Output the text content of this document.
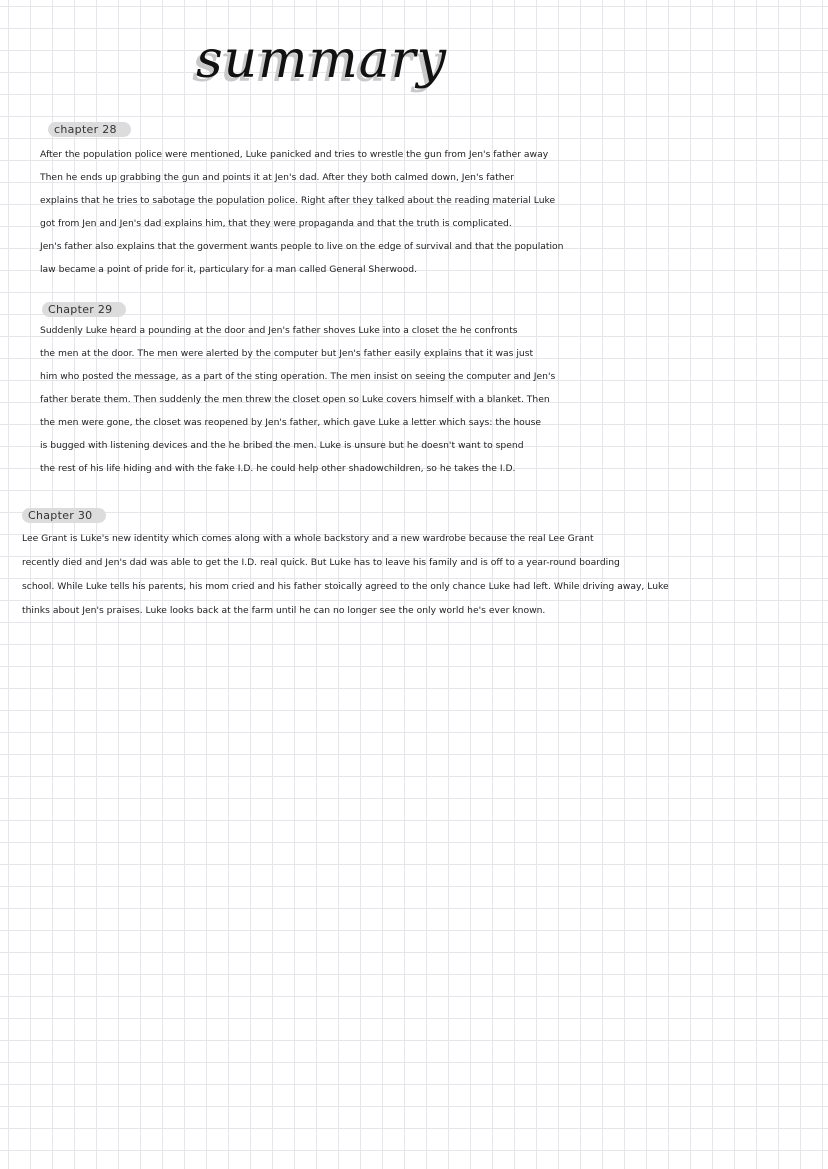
summary
chapter 28
After the population police were mentioned, Luke panicked and tries to wrestle the gun from Jen's father away
Then he ends up grabbing the gun and points it at Jen's dad. After they both calmed down, Jen's father
explains that he tries to sabotage the population police. Right after they talked about the reading material Luke
got from Jen and Jen's dad explains him, that they were propaganda and that the truth is complicated.
Jen's father also explains that the goverment wants people to live on the edge of survival and that the population
law became a point of pride for it, particulary for a man called General Sherwood.
Chapter 29
Suddenly Luke heard a pounding at the door and Jen's father shoves Luke into a closet the he confronts
the men at the door. The men were alerted by the computer but Jen's father easily explains that it was just
him who posted the message, as a part of the sting operation. The men insist on seeing the computer and Jen's
father berate them. Then suddenly the men threw the closet open so Luke covers himself with a blanket. Then
the men were gone, the closet was reopened by Jen's father, which gave Luke a letter which says: the house
is bugged with listening devices and the he bribed the men. Luke is unsure but he doesn't want to spend
the rest of his life hiding and with the fake I.D. he could help other shadowchildren, so he takes the I.D.
Chapter 30
Lee Grant is Luke's new identity which comes along with a whole backstory and a new wardrobe because the real Lee Grant
recently died and Jen's dad was able to get the I.D. real quick. But Luke has to leave his family and is off to a year-round boarding
school. While Luke tells his parents, his mom cried and his father stoically agreed to the only chance Luke had left. While driving away, Luke
thinks about Jen's praises. Luke looks back at the farm until he can no longer see the only world he's ever known.
